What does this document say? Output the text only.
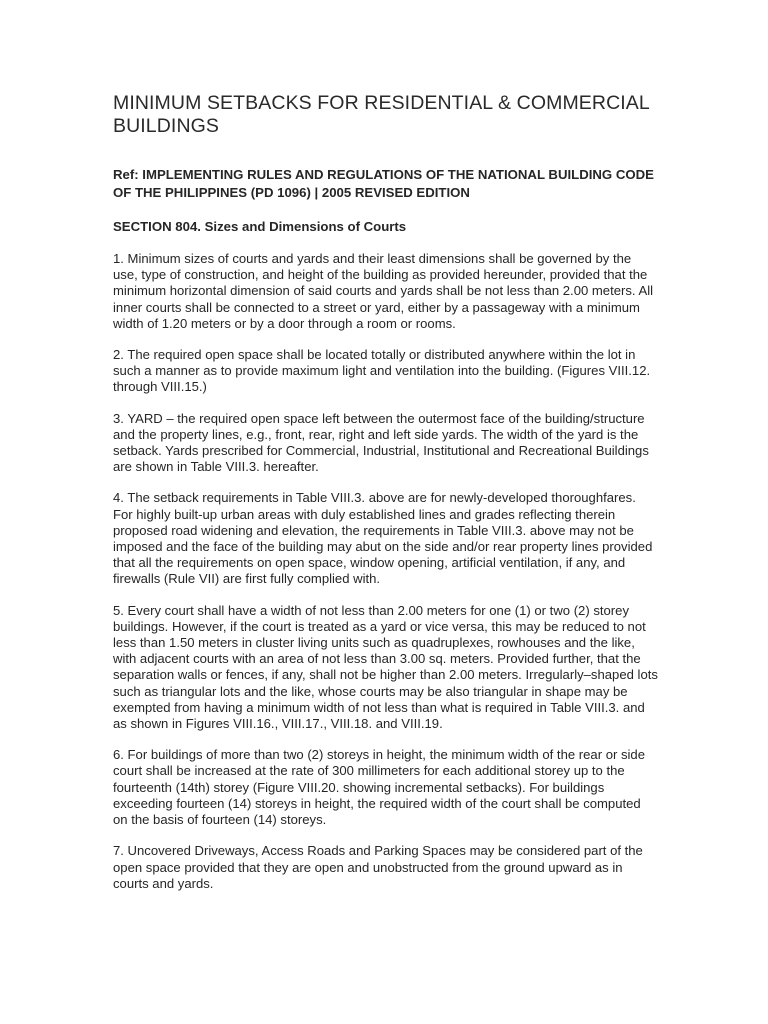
MINIMUM SETBACKS FOR RESIDENTIAL & COMMERCIAL BUILDINGS

Ref: IMPLEMENTING RULES AND REGULATIONS OF THE NATIONAL BUILDING CODE OF THE PHILIPPINES (PD 1096) | 2005 REVISED EDITION

SECTION 804. Sizes and Dimensions of Courts

1. Minimum sizes of courts and yards and their least dimensions shall be governed by the use, type of construction, and height of the building as provided hereunder, provided that the minimum horizontal dimension of said courts and yards shall be not less than 2.00 meters. All inner courts shall be connected to a street or yard, either by a passageway with a minimum width of 1.20 meters or by a door through a room or rooms.

2. The required open space shall be located totally or distributed anywhere within the lot in such a manner as to provide maximum light and ventilation into the building. (Figures VIII.12. through VIII.15.)

3. YARD – the required open space left between the outermost face of the building/structure and the property lines, e.g., front, rear, right and left side yards. The width of the yard is the setback. Yards prescribed for Commercial, Industrial, Institutional and Recreational Buildings are shown in Table VIII.3. hereafter.

4. The setback requirements in Table VIII.3. above are for newly-developed thoroughfares. For highly built-up urban areas with duly established lines and grades reflecting therein proposed road widening and elevation, the requirements in Table VIII.3. above may not be imposed and the face of the building may abut on the side and/or rear property lines provided that all the requirements on open space, window opening, artificial ventilation, if any, and firewalls (Rule VII) are first fully complied with.

5. Every court shall have a width of not less than 2.00 meters for one (1) or two (2) storey buildings. However, if the court is treated as a yard or vice versa, this may be reduced to not less than 1.50 meters in cluster living units such as quadruplexes, rowhouses and the like, with adjacent courts with an area of not less than 3.00 sq. meters. Provided further, that the separation walls or fences, if any, shall not be higher than 2.00 meters. Irregularly–shaped lots such as triangular lots and the like, whose courts may be also triangular in shape may be exempted from having a minimum width of not less than what is required in Table VIII.3. and as shown in Figures VIII.16., VIII.17., VIII.18. and VIII.19.

6. For buildings of more than two (2) storeys in height, the minimum width of the rear or side court shall be increased at the rate of 300 millimeters for each additional storey up to the fourteenth (14th) storey (Figure VIII.20. showing incremental setbacks). For buildings exceeding fourteen (14) storeys in height, the required width of the court shall be computed on the basis of fourteen (14) storeys.

7. Uncovered Driveways, Access Roads and Parking Spaces may be considered part of the open space provided that they are open and unobstructed from the ground upward as in courts and yards.
